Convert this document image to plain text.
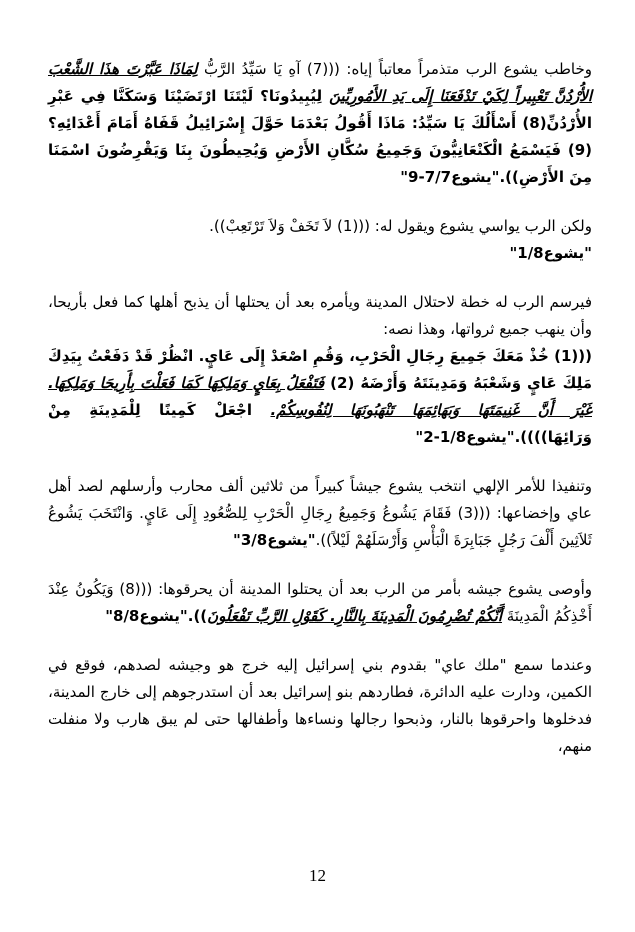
وخاطب يشوع الرب متذمراً معاتباً إياه: (((7) آهِ يَا سَيِّدُ الرَّبُّ لِمَاذَا عَبَّرْتَ هذَا الشَّعْبَ الأُرْدُنَّ تَعْبِيراً لِكَيْ تَدْفَعَنَا إِلَى يَدِ الأَمُورِيِّينَ لِيُبِيدُونَا؟ لَيْتَنَا ارْتَضَيْنَا وَسَكَنَّا فِي عَبْرِ الأُرْدُنِّ(8) أَسْأَلُكَ يَا سَيِّدُ: مَاذَا أَقُولُ بَعْدَمَا حَوَّلَ إِسْرَائِيلُ قَفَاهُ أَمَامَ أَعْدَائِهِ؟(9) فَيَسْمَعُ الْكَنْعَانِيُّونَ وَجَمِيعُ سُكَّانِ الأَرْضِ وَيُحِيطُونَ بِنَا وَيَقْرِضُونَ اسْمَنَا مِنَ الأَرْضِ))."يشوع7/7-9"

ولكن الرب يواسي يشوع ويقول له: (((1) لاَ تَخَفْ وَلاَ تَرْتَعِبْ)).
"يشوع1/8"

فيرسم الرب له خطة لاحتلال المدينة ويأمره بعد أن يحتلها أن يذبح أهلها كما فعل بأريحا، وأن ينهب جميع ثرواتها، وهذا نصه:

(((1) خُذْ مَعَكَ جَمِيعَ رِجَالِ الْحَرْبِ، وَقُمِ اصْعَدْ إِلَى عَايٍ. انْظُرْ قَدْ دَفَعْتُ بِيَدِكَ مَلِكَ عَايٍ وَشَعْبَهُ وَمَدِينَتَهُ وَأَرْضَهُ (2) فَتَفْعَلُ بِعَايٍ وَمَلِكِهَا كَمَا فَعَلْتَ بِأَرِيحَا وَمَلِكِهَا. غَيْرَ أَنَّ غَنِيمَتَهَا وَبَهَائِمَهَا تَنْهَبُونَهَا لِنُفُوسِكُمْ. اجْعَلْ كَمِينًا لِلْمَدِينَةِ مِنْ وَرَائِهَا))))."يشوع1/8-2"

وتنفيذا للأمر الإلهي انتخب يشوع جيشاً كبيراً من ثلاثين ألف محارب وأرسلهم لصد أهل عاي وإخضاعها: (((3) فَقَامَ يَشُوعُ وَجَمِيعُ رِجَالِ الْحَرْبِ لِلصُّعُودِ إِلَى عَايٍ. وَانْتَخَبَ يَشُوعُ ثَلاَثِينَ أَلْفَ رَجُلٍ جَبَابِرَةَ الْبَأْسِ وَأَرْسَلَهُمْ لَيْلاً))."يشوع3/8"

وأوصى يشوع جيشه بأمر من الرب بعد أن يحتلوا المدينة أن يحرقوها: (((8) وَيَكُونُ عِنْدَ أَخْذِكُمُ الْمَدِينَةَ أَنَّكُمْ تُضْرِمُونَ الْمَدِينَةَ بِالنَّارِ. كَقَوْلِ الرَّبِّ تَفْعَلُونَ))."يشوع8/8"

وعندما سمع "ملك عاي" بقدوم بني إسرائيل إليه خرج هو وجيشه لصدهم، فوقع في الكمين، ودارت عليه الدائرة، فطاردهم بنو إسرائيل بعد أن استدرجوهم إلى خارج المدينة، فدخلوها واحرقوها بالنار، وذبحوا رجالها ونساءها وأطفالها حتى لم يبق هارب ولا منفلت منهم،

12
